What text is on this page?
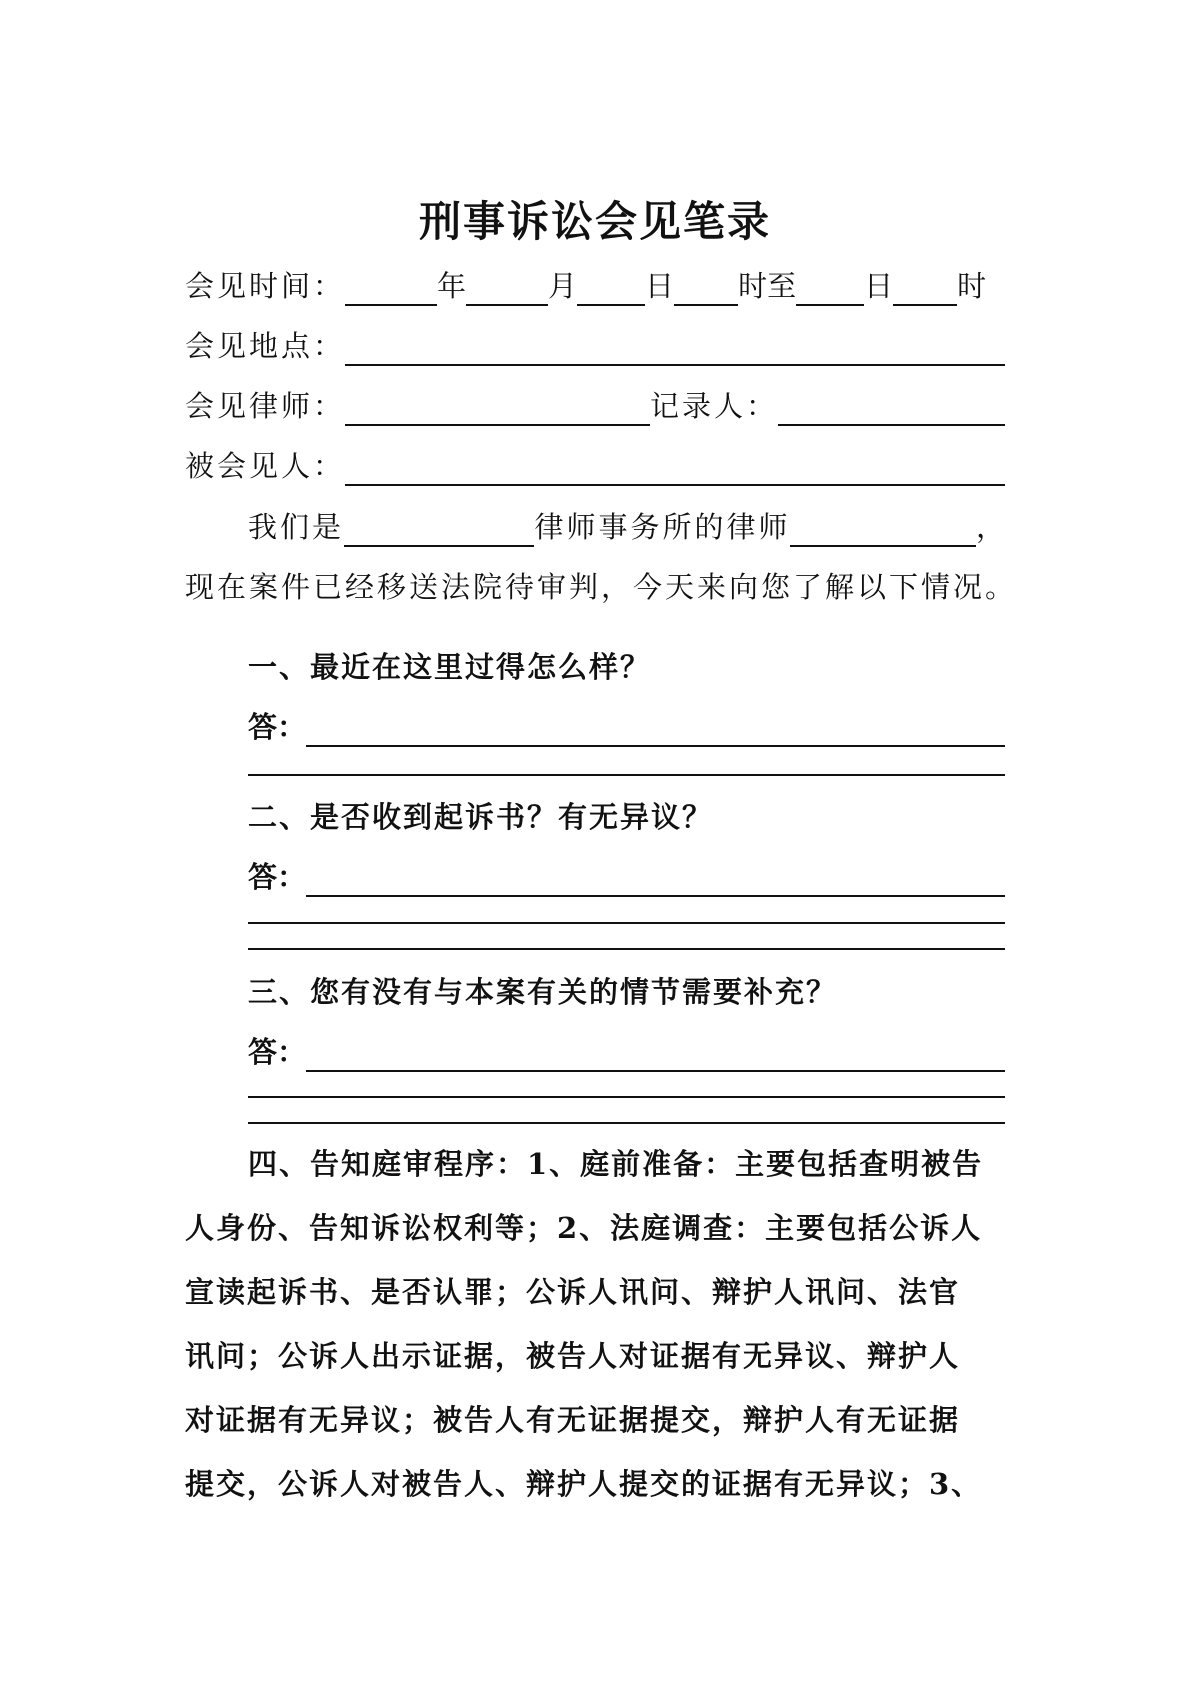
刑事诉讼会见笔录
会见时间：	年	月 日 时至 日 时
会见地点：
会见律师：	记录人：
被会见人：
我们是	律师事务所的律师	，
现在案件已经移送法院待审判，今天来向您了解以下情况。
一、最近在这里过得怎么样？
答：
二、是否收到起诉书？有无异议？
答：
三、您有没有与本案有关的情节需要补充？
答：
四、告知庭审程序：1、庭前准备：主要包括查明被告
人身份、告知诉讼权利等；2、法庭调查：主要包括公诉人
宣读起诉书、是否认罪；公诉人讯问、辩护人讯问、法官
讯问；公诉人出示证据，被告人对证据有无异议、辩护人
对证据有无异议；被告人有无证据提交，辩护人有无证据
提交，公诉人对被告人、辩护人提交的证据有无异议；3、
